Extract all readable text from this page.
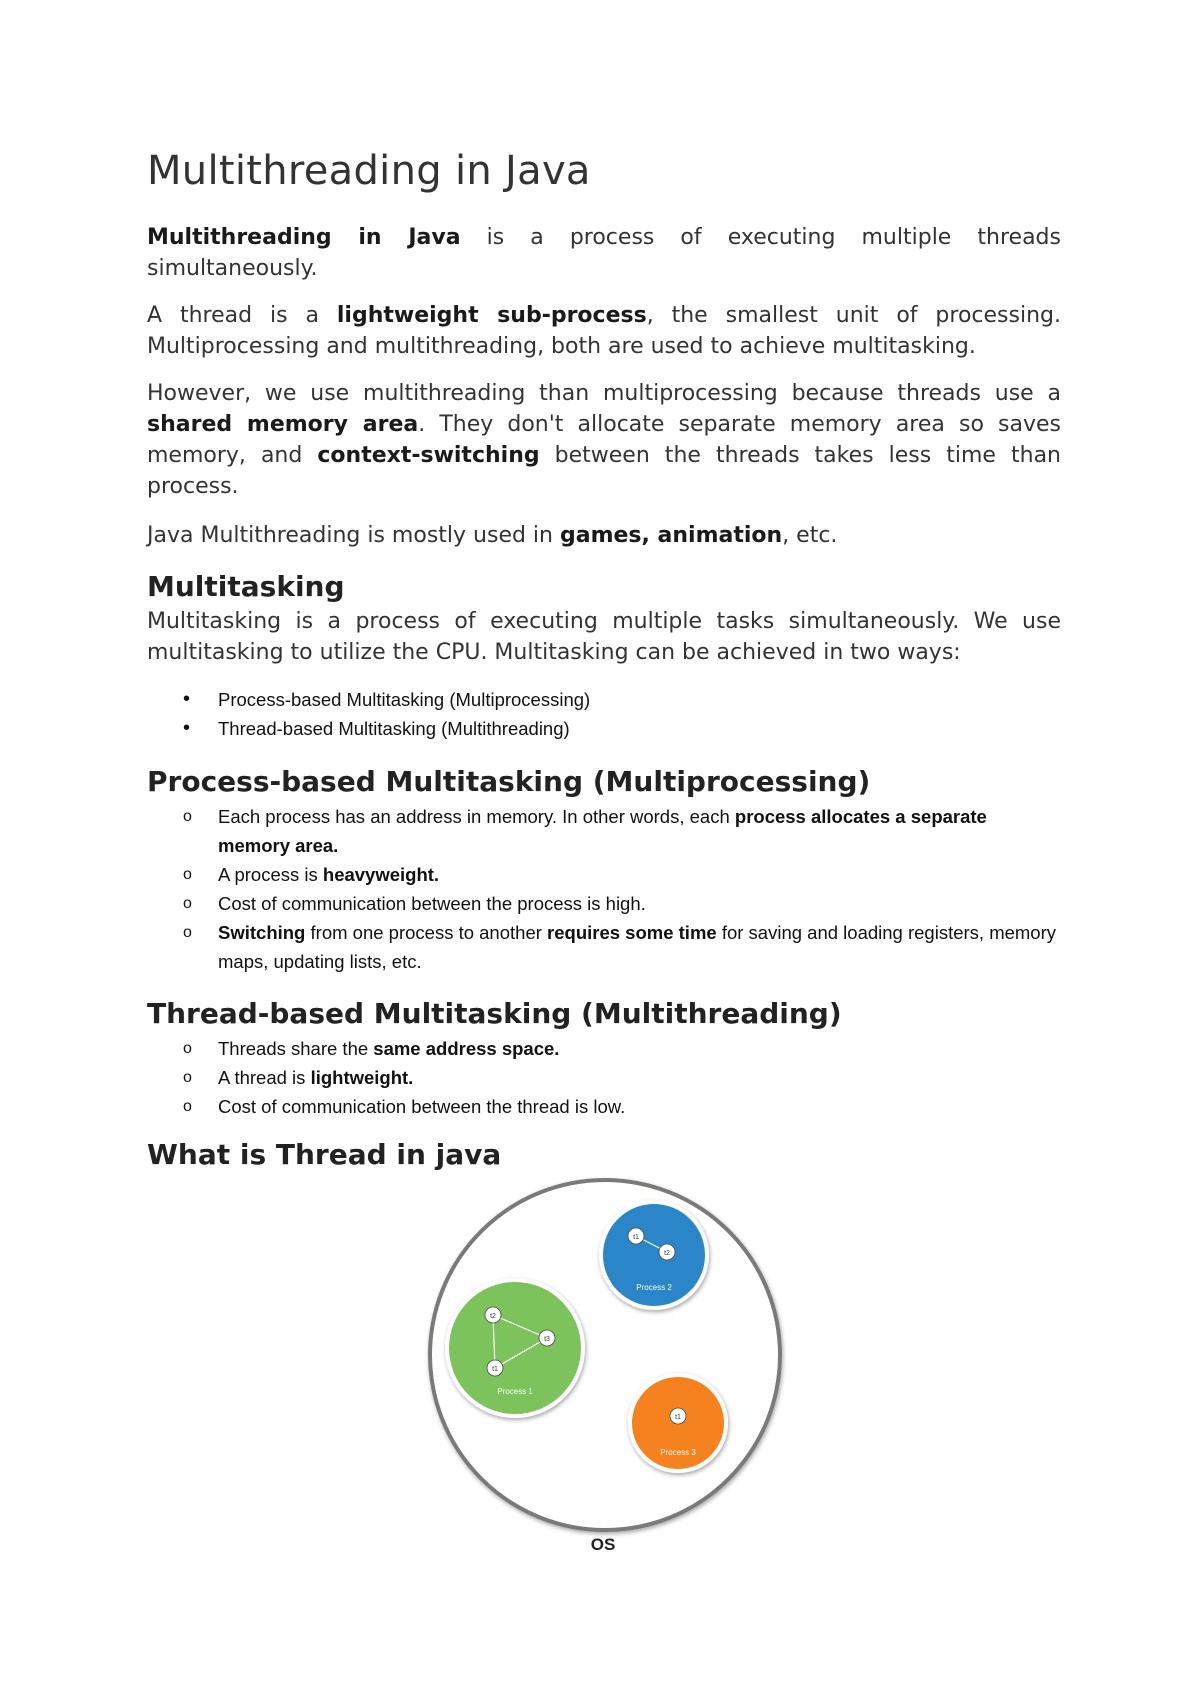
Multithreading in Java
Multithreading in Java is a process of executing multiple threads simultaneously.
A thread is a lightweight sub-process, the smallest unit of processing. Multiprocessing and multithreading, both are used to achieve multitasking.
However, we use multithreading than multiprocessing because threads use a shared memory area. They don't allocate separate memory area so saves memory, and context-switching between the threads takes less time than process.
Java Multithreading is mostly used in games, animation, etc.
Multitasking
Multitasking is a process of executing multiple tasks simultaneously. We use multitasking to utilize the CPU. Multitasking can be achieved in two ways:
• Process-based Multitasking (Multiprocessing)
• Thread-based Multitasking (Multithreading)
Process-based Multitasking (Multiprocessing)
o Each process has an address in memory. In other words, each process allocates a separate memory area.
o A process is heavyweight.
o Cost of communication between the process is high.
o Switching from one process to another requires some time for saving and loading registers, memory maps, updating lists, etc.
Thread-based Multitasking (Multithreading)
o Threads share the same address space.
o A thread is lightweight.
o Cost of communication between the thread is low.
What is Thread in java
t2
t3
t1
Process 1
t1
t2
Process 2
t1
Process 3
OS
